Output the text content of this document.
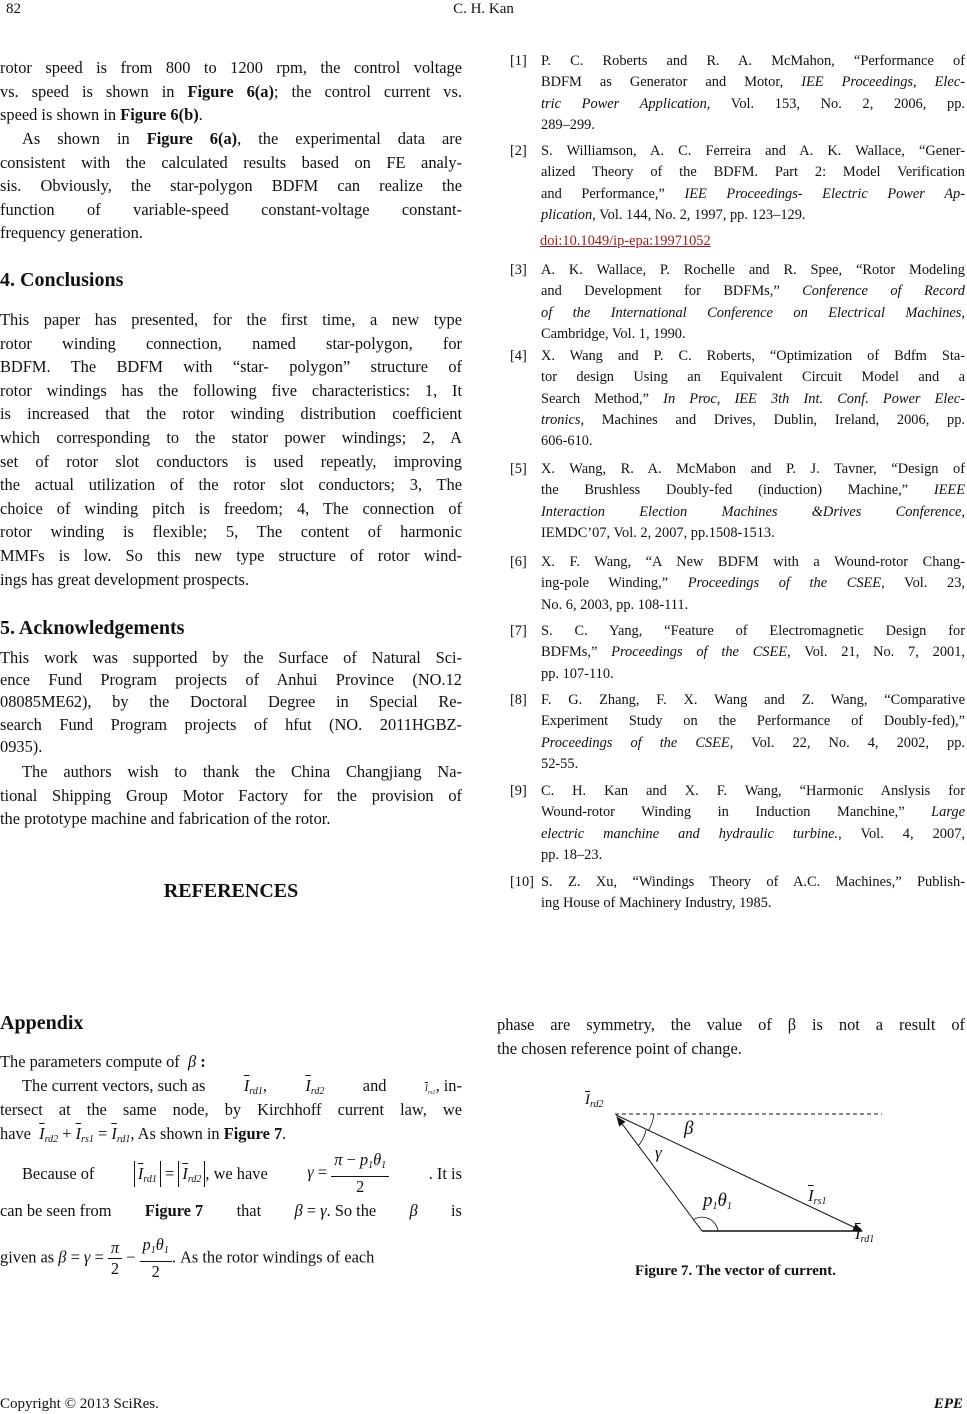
82	C. H. Kan
rotor speed is from 800 to 1200 rpm, the control voltage
vs. speed is shown in Figure 6(a); the control current vs.
speed is shown in Figure 6(b).
As shown in Figure 6(a), the experimental data are
consistent with the calculated results based on FE analy-
sis. Obviously, the star-polygon BDFM can realize the
function of variable-speed constant-voltage constant-
frequency generation.
4. Conclusions
This paper has presented, for the first time, a new type
rotor winding connection, named star-polygon, for
BDFM. The BDFM with “star- polygon” structure of
rotor windings has the following five characteristics: 1, It
is increased that the rotor winding distribution coefficient
which corresponding to the stator power windings; 2, A
set of rotor slot conductors is used repeatly, improving
the actual utilization of the rotor slot conductors; 3, The
choice of winding pitch is freedom; 4, The connection of
rotor winding is flexible; 5, The content of harmonic
MMFs is low. So this new type structure of rotor wind-
ings has great development prospects.
5. Acknowledgements
This work was supported by the Surface of Natural Sci-
ence Fund Program projects of Anhui Province (NO.12
08085ME62), by the Doctoral Degree in Special Re-
search Fund Program projects of hfut (NO. 2011HGBZ-
0935).
The authors wish to thank the China Changjiang Na-
tional Shipping Group Motor Factory for the provision of
the prototype machine and fabrication of the rotor.
REFERENCES
[1] P. C. Roberts and R. A. McMahon, “Performance of
BDFM as Generator and Motor, IEE Proceedings, Elec-
tric Power Application, Vol. 153, No. 2, 2006, pp.
289–299.
[2] S. Williamson, A. C. Ferreira and A. K. Wallace, “Gener-
alized Theory of the BDFM. Part 2: Model Verification
and Performance,” IEE Proceedings- Electric Power Ap-
plication, Vol. 144, No. 2, 1997, pp. 123–129.
[3] A. K. Wallace, P. Rochelle and R. Spee, “Rotor Modeling
and Development for BDFMs,” Conference of Record
of the International Conference on Electrical Machines,
Cambridge, Vol. 1, 1990.
[4] X. Wang and P. C. Roberts, “Optimization of Bdfm Sta-
tor design Using an Equivalent Circuit Model and a
Search Method,” In Proc, IEE 3th Int. Conf. Power Elec-
tronics, Machines and Drives, Dublin, Ireland, 2006, pp.
606-610.
[5] X. Wang, R. A. McMabon and P. J. Tavner, “Design of
the Brushless Doubly-fed (induction) Machine,” IEEE
Interaction Election Machines &Drives Conference,
IEMDC’07, Vol. 2, 2007, pp.1508-1513.
[6] X. F. Wang, “A New BDFM with a Wound-rotor Chang-
ing-pole Winding,” Proceedings of the CSEE, Vol. 23,
No. 6, 2003, pp. 108-111.
[7] S. C. Yang, “Feature of Electromagnetic Design for
BDFMs,” Proceedings of the CSEE, Vol. 21, No. 7, 2001,
pp. 107-110.
[8] F. G. Zhang, F. X. Wang and Z. Wang, “Comparative
Experiment Study on the Performance of Doubly-fed),”
Proceedings of the CSEE, Vol. 22, No. 4, 2002, pp.
52-55.
[9] C. H. Kan and X. F. Wang, “Harmonic Anslysis for
Wound-rotor Winding in Induction Manchine,” Large
electric manchine and hydraulic turbine., Vol. 4, 2007,
pp. 18–23.
[10] S. Z. Xu, “Windings Theory of A.C. Machines,” Publish-
ing House of Machinery Industry, 1985.
doi:10.1049/ip-epa:19971052
Appendix
The parameters compute of β :
The current vectors, such as $\overline{I}_{rd1}$, $\overline{I}_{rd2}$ and	$\overline{I}_{rs1}$, in-
tersect at the same node, by Kirchhoff current law, we
have $\overline{I}_{rd2} + \overline{I}_{rs1} = \overline{I}_{rd1}$, As shown in Figure 7.
Because of	$\overline{I}_{rd1} = \overline{I}_{rd2}$ , we have $\gamma = \frac{\pi - p_1\theta_1}{2}$ . It is
can be seen from Figure 7 that β = γ. So the β is
given as $\beta = \gamma = \frac{\pi}{2} - \frac{p_1\theta_1}{2}$ . As the rotor windings of each
phase are symmetry, the value of β is not a result of
the chosen reference point of change.
$\overline{I}_{rd2}$
β
γ
$p_1\theta_1$
$\overline{I}_{rs1}$
$\overline{I}_{rd1}$
Figure 7. The vector of current.
Copyright © 2013 SciRes.	EPE
